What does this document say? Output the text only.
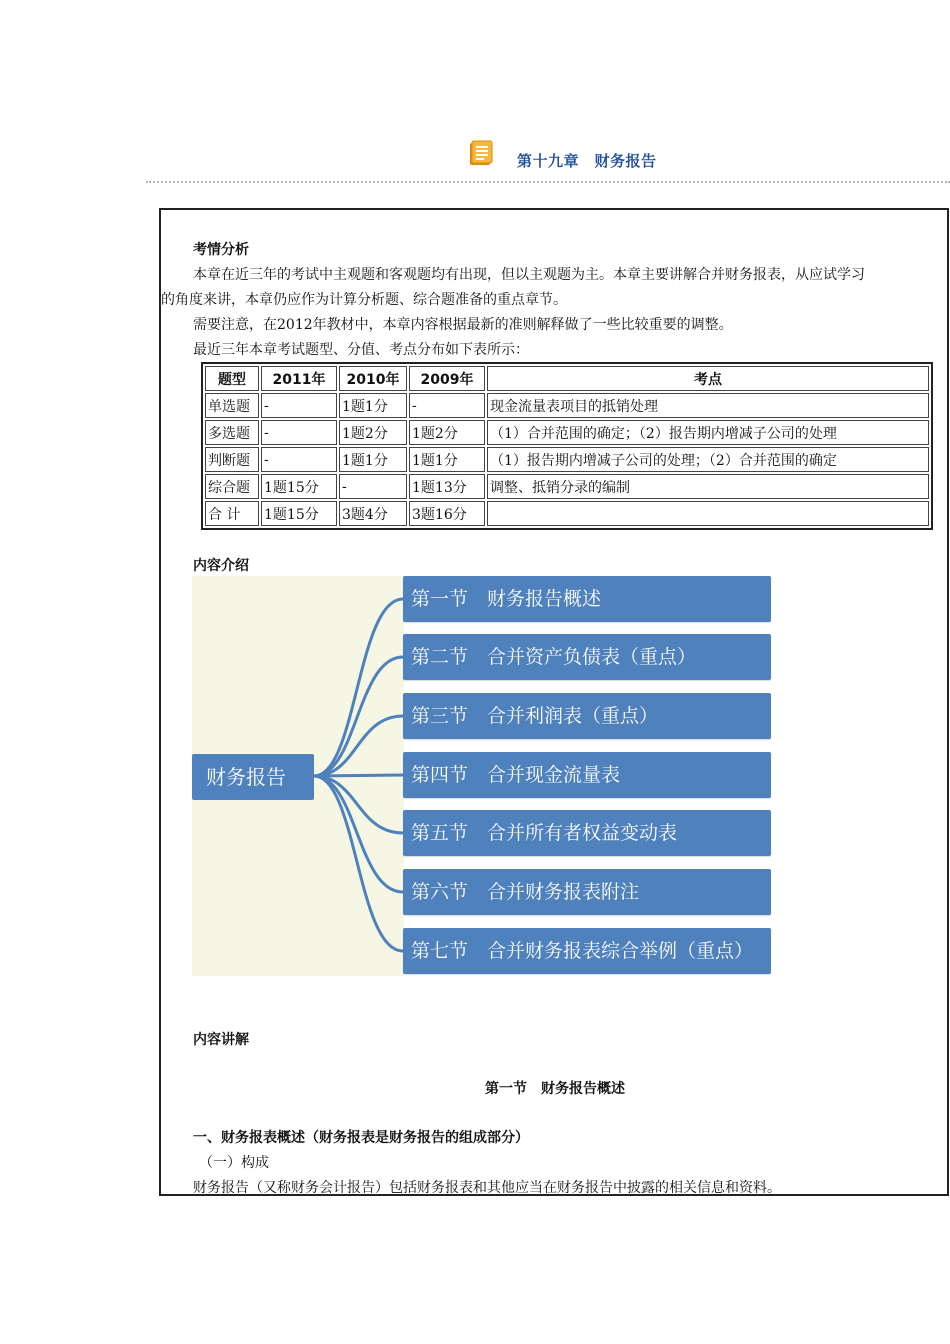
第十九章　财务报告
考情分析
本章在近三年的考试中主观题和客观题均有出现，但以主观题为主。本章主要讲解合并财务报表，从应试学习
的角度来讲，本章仍应作为计算分析题、综合题准备的重点章节。
需要注意，在2012年教材中，本章内容根据最新的准则解释做了一些比较重要的调整。
最近三年本章考试题型、分值、考点分布如下表所示：
题型	2011年	2010年	2009年	考点
单选题	-	1题1分	-	现金流量表项目的抵销处理
多选题	-	1题2分	1题2分	（1）合并范围的确定；（2）报告期内增减子公司的处理
判断题	-	1题1分	1题1分	（1）报告期内增减子公司的处理；（2）合并范围的确定
综合题	1题15分	-	1题13分	调整、抵销分录的编制
合 计	1题15分	3题4分	3题16分	
内容介绍
财务报告
第一节 财务报告概述
第二节 合并资产负债表（重点）
第三节 合并利润表（重点）
第四节 合并现金流量表
第五节 合并所有者权益变动表
第六节 合并财务报表附注
第七节 合并财务报表综合举例（重点）
内容讲解
第一节　财务报告概述
一、财务报表概述（财务报表是财务报告的组成部分）
（一）构成
财务报告（又称财务会计报告）包括财务报表和其他应当在财务报告中披露的相关信息和资料。
